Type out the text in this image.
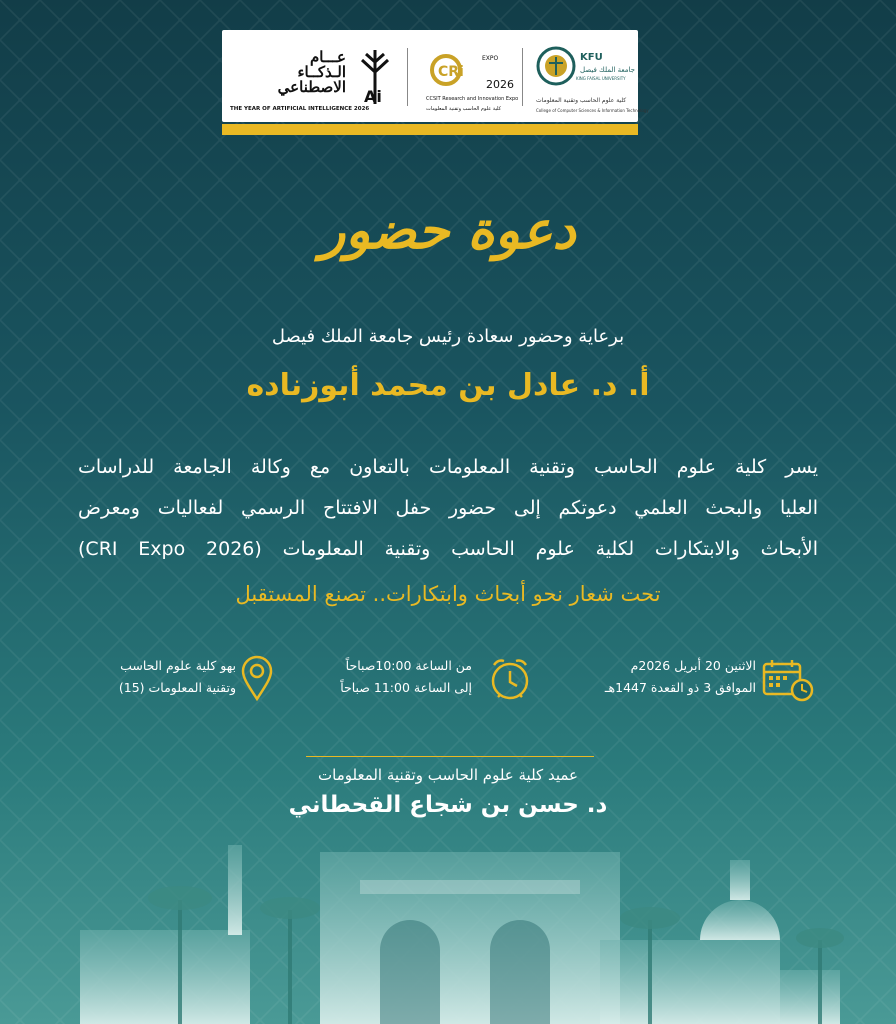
عـــام
الـذكــاء
الاصطناعي Ai
THE YEAR OF ARTIFICIAL INTELLIGENCE 2026
CRi
EXPO
2026
CCSIT Research and Innovation Expo
كلية علوم الحاسب وتقنية المعلومات
KFU
جامعة الملك فيصل
KING FAISAL UNIVERSITY
كلية علوم الحاسب وتقنية المعلومات
College of Computer Sciences & Information Technology
دعوة حضور
برعاية وحضور سعادة رئيس جامعة الملك فيصل
أ. د. عادل بن محمد أبوزناده
يسر كلية علوم الحاسب وتقنية المعلومات بالتعاون مع وكالة الجامعة للدراسات
العليا والبحث العلمي دعوتكم إلى حضور حفل الافتتاح الرسمي لفعاليات ومعرض
الأبحاث والابتكارات لكلية علوم الحاسب وتقنية المعلومات (CRI Expo 2026)
تحت شعار نحو أبحاث وابتكارات.. تصنع المستقبل
الاثنين 20 أبريل 2026م
الموافق 3 ذو القعدة 1447هـ
من الساعة 10:00صباحاً
إلى الساعة 11:00 صباحاً
بهو كلية علوم الحاسب
وتقنية المعلومات (15)
عميد كلية علوم الحاسب وتقنية المعلومات
د. حسن بن شجاع القحطاني
